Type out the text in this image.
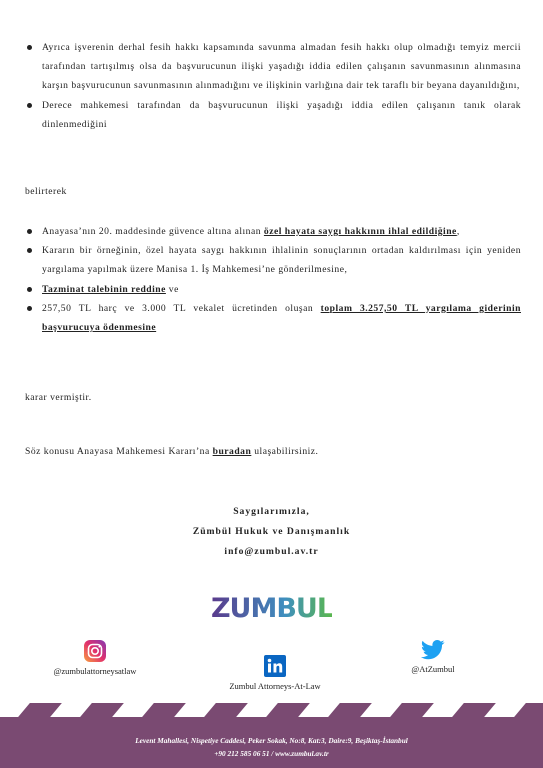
Ayrıca işverenin derhal fesih hakkı kapsamında savunma almadan fesih hakkı olup olmadığı temyiz mercii tarafından tartışılmış olsa da başvurucunun ilişki yaşadığı iddia edilen çalışanın savunmasının alınmasına karşın başvurucunun savunmasının alınmadığını ve ilişkinin varlığına dair tek taraflı bir beyana dayanıldığını,
Derece mahkemesi tarafından da başvurucunun ilişki yaşadığı iddia edilen çalışanın tanık olarak dinlenmediğini

belirterek

Anayasa’nın 20. maddesinde güvence altına alınan özel hayata saygı hakkının ihlal edildiğine,
Kararın bir örneğinin, özel hayata saygı hakkının ihlalinin sonuçlarının ortadan kaldırılması için yeniden yargılama yapılmak üzere Manisa 1. İş Mahkemesi’ne gönderilmesine,
Tazminat talebinin reddine ve
257,50 TL harç ve 3.000 TL vekalet ücretinden oluşan toplam 3.257,50 TL yargılama giderinin başvurucuya ödenmesine

karar vermiştir.

Söz konusu Anayasa Mahkemesi Kararı’na buradan ulaşabilirsiniz.

Saygılarımızla,
Zümbül Hukuk ve Danışmanlık
info@zumbul.av.tr
ZUMBUL
@zumbulattorneysatlaw
Zumbul Attorneys-At-Law
@AtZumbul
Levent Mahallesi, Nispetiye Caddesi, Peker Sokak, No:8, Kat:3, Daire:9, Beşiktaş-İstanbul
+90 212 585 06 51 / www.zumbul.av.tr
